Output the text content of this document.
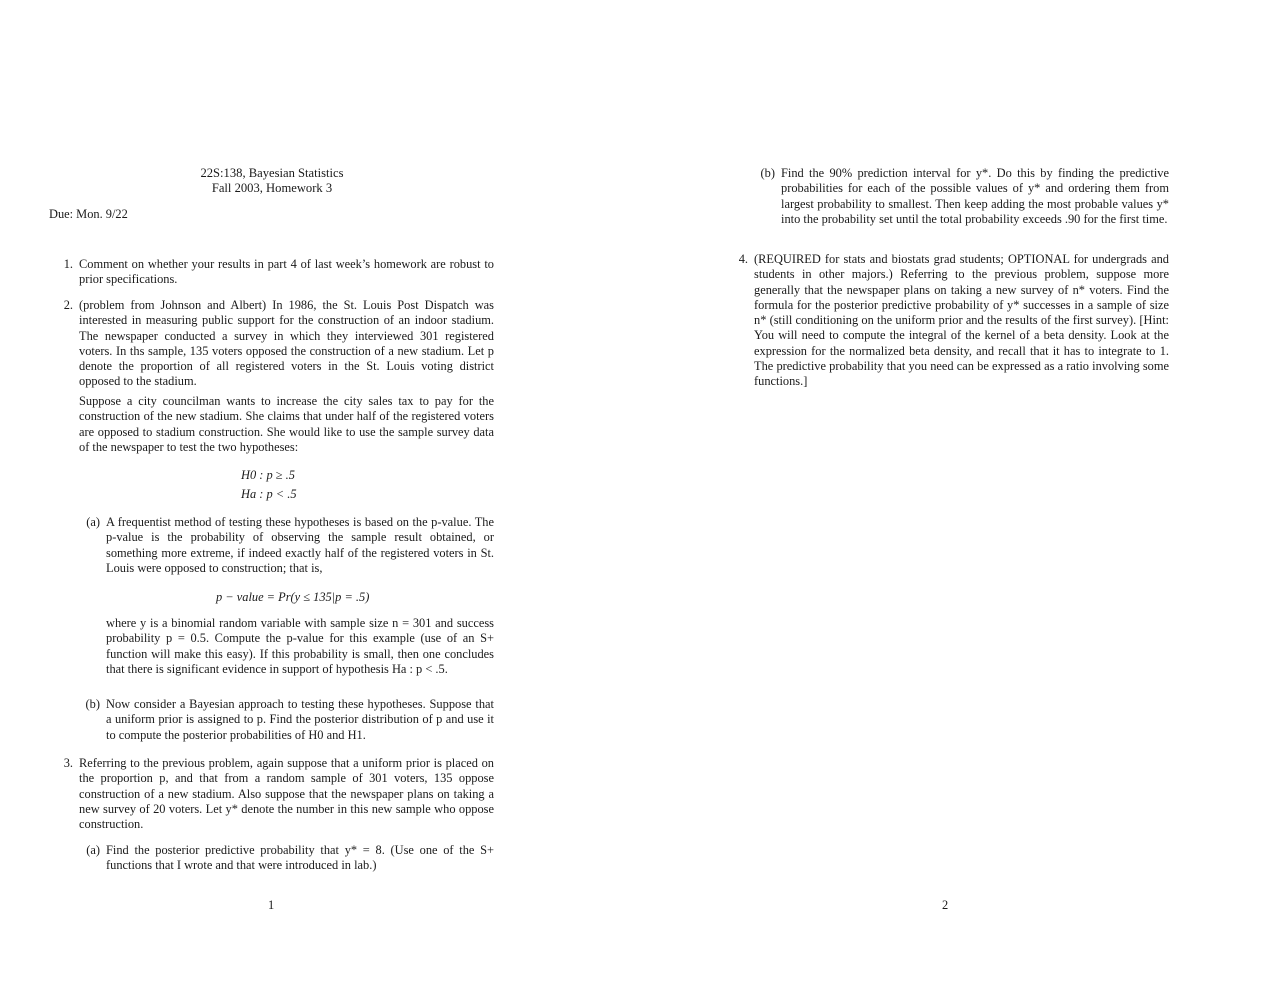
22S:138, Bayesian Statistics
Fall 2003, Homework 3
Due: Mon. 9/22
1. Comment on whether your results in part 4 of last week’s homework are robust to prior specifications.
2. (problem from Johnson and Albert) In 1986, the St. Louis Post Dispatch was interested in measuring public support for the construction of an indoor stadium. The newspaper conducted a survey in which they interviewed 301 registered voters. In ths sample, 135 voters opposed the construction of a new stadium. Let p denote the proportion of all registered voters in the St. Louis voting district opposed to the stadium.
Suppose a city councilman wants to increase the city sales tax to pay for the construction of the new stadium. She claims that under half of the registered voters are opposed to stadium construction. She would like to use the sample survey data of the newspaper to test the two hypotheses:
H0 : p ≥ .5
Ha : p < .5
(a) A frequentist method of testing these hypotheses is based on the p-value. The p-value is the probability of observing the sample result obtained, or something more extreme, if indeed exactly half of the registered voters in St. Louis were opposed to construction; that is,
p − value = Pr(y ≤ 135|p = .5)
where y is a binomial random variable with sample size n = 301 and success probability p = 0.5. Compute the p-value for this example (use of an S+ function will make this easy). If this probability is small, then one concludes that there is significant evidence in support of hypothesis Ha : p < .5.
(b) Now consider a Bayesian approach to testing these hypotheses. Suppose that a uniform prior is assigned to p. Find the posterior distribution of p and use it to compute the posterior probabilities of H0 and H1.
3. Referring to the previous problem, again suppose that a uniform prior is placed on the proportion p, and that from a random sample of 301 voters, 135 oppose construction of a new stadium. Also suppose that the newspaper plans on taking a new survey of 20 voters. Let y* denote the number in this new sample who oppose construction.
(a) Find the posterior predictive probability that y* = 8. (Use one of the S+ functions that I wrote and that were introduced in lab.)
1
(b) Find the 90% prediction interval for y*. Do this by finding the predictive probabilities for each of the possible values of y* and ordering them from largest probability to smallest. Then keep adding the most probable values y* into the probability set until the total probability exceeds .90 for the first time.
4. (REQUIRED for stats and biostats grad students; OPTIONAL for undergrads and students in other majors.) Referring to the previous problem, suppose more generally that the newspaper plans on taking a new survey of n* voters. Find the formula for the posterior predictive probability of y* successes in a sample of size n* (still conditioning on the uniform prior and the results of the first survey). [Hint: You will need to compute the integral of the kernel of a beta density. Look at the expression for the normalized beta density, and recall that it has to integrate to 1. The predictive probability that you need can be expressed as a ratio involving some functions.]
2
